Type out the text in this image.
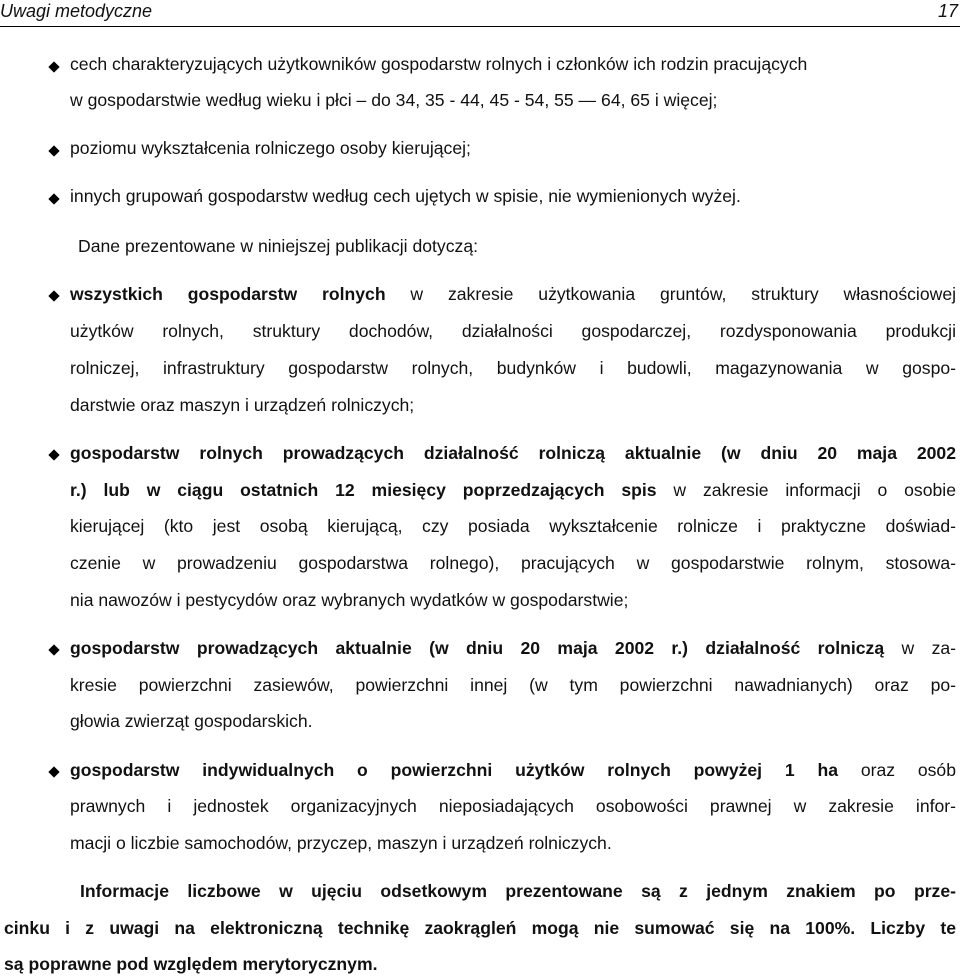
Uwagi metodyczne	17
cech charakteryzujących użytkowników gospodarstw rolnych i członków ich rodzin pracujących
w gospodarstwie według wieku i płci – do 34, 35 - 44, 45 - 54, 55 — 64, 65 i więcej;
poziomu wykształcenia rolniczego osoby kierującej;
innych grupowań gospodarstw według cech ujętych w spisie, nie wymienionych wyżej.
Dane prezentowane w niniejszej publikacji dotyczą:
wszystkich gospodarstw rolnych w zakresie użytkowania gruntów, struktury własnościowej
użytków rolnych, struktury dochodów, działalności gospodarczej, rozdysponowania produkcji
rolniczej, infrastruktury gospodarstw rolnych, budynków i budowli, magazynowania w gospo-
darstwie oraz maszyn i urządzeń rolniczych;
gospodarstw rolnych prowadzących działalność rolniczą aktualnie (w dniu 20 maja 2002
r.) lub w ciągu ostatnich 12 miesięcy poprzedzających spis w zakresie informacji o osobie
kierującej (kto jest osobą kierującą, czy posiada wykształcenie rolnicze i praktyczne doświad-
czenie w prowadzeniu gospodarstwa rolnego), pracujących w gospodarstwie rolnym, stosowa-
nia nawozów i pestycydów oraz wybranych wydatków w gospodarstwie;
gospodarstw prowadzących aktualnie (w dniu 20 maja 2002 r.) działalność rolniczą w za-
kresie powierzchni zasiewów, powierzchni innej (w tym powierzchni nawadnianych) oraz po-
głowia zwierząt gospodarskich.
gospodarstw indywidualnych o powierzchni użytków rolnych powyżej 1 ha oraz osób
prawnych i jednostek organizacyjnych nieposiadających osobowości prawnej w zakresie infor-
macji o liczbie samochodów, przyczep, maszyn i urządzeń rolniczych.
Informacje liczbowe w ujęciu odsetkowym prezentowane są z jednym znakiem po prze-
cinku i z uwagi na elektroniczną technikę zaokrągleń mogą nie sumować się na 100%. Liczby te
są poprawne pod względem merytorycznym.
